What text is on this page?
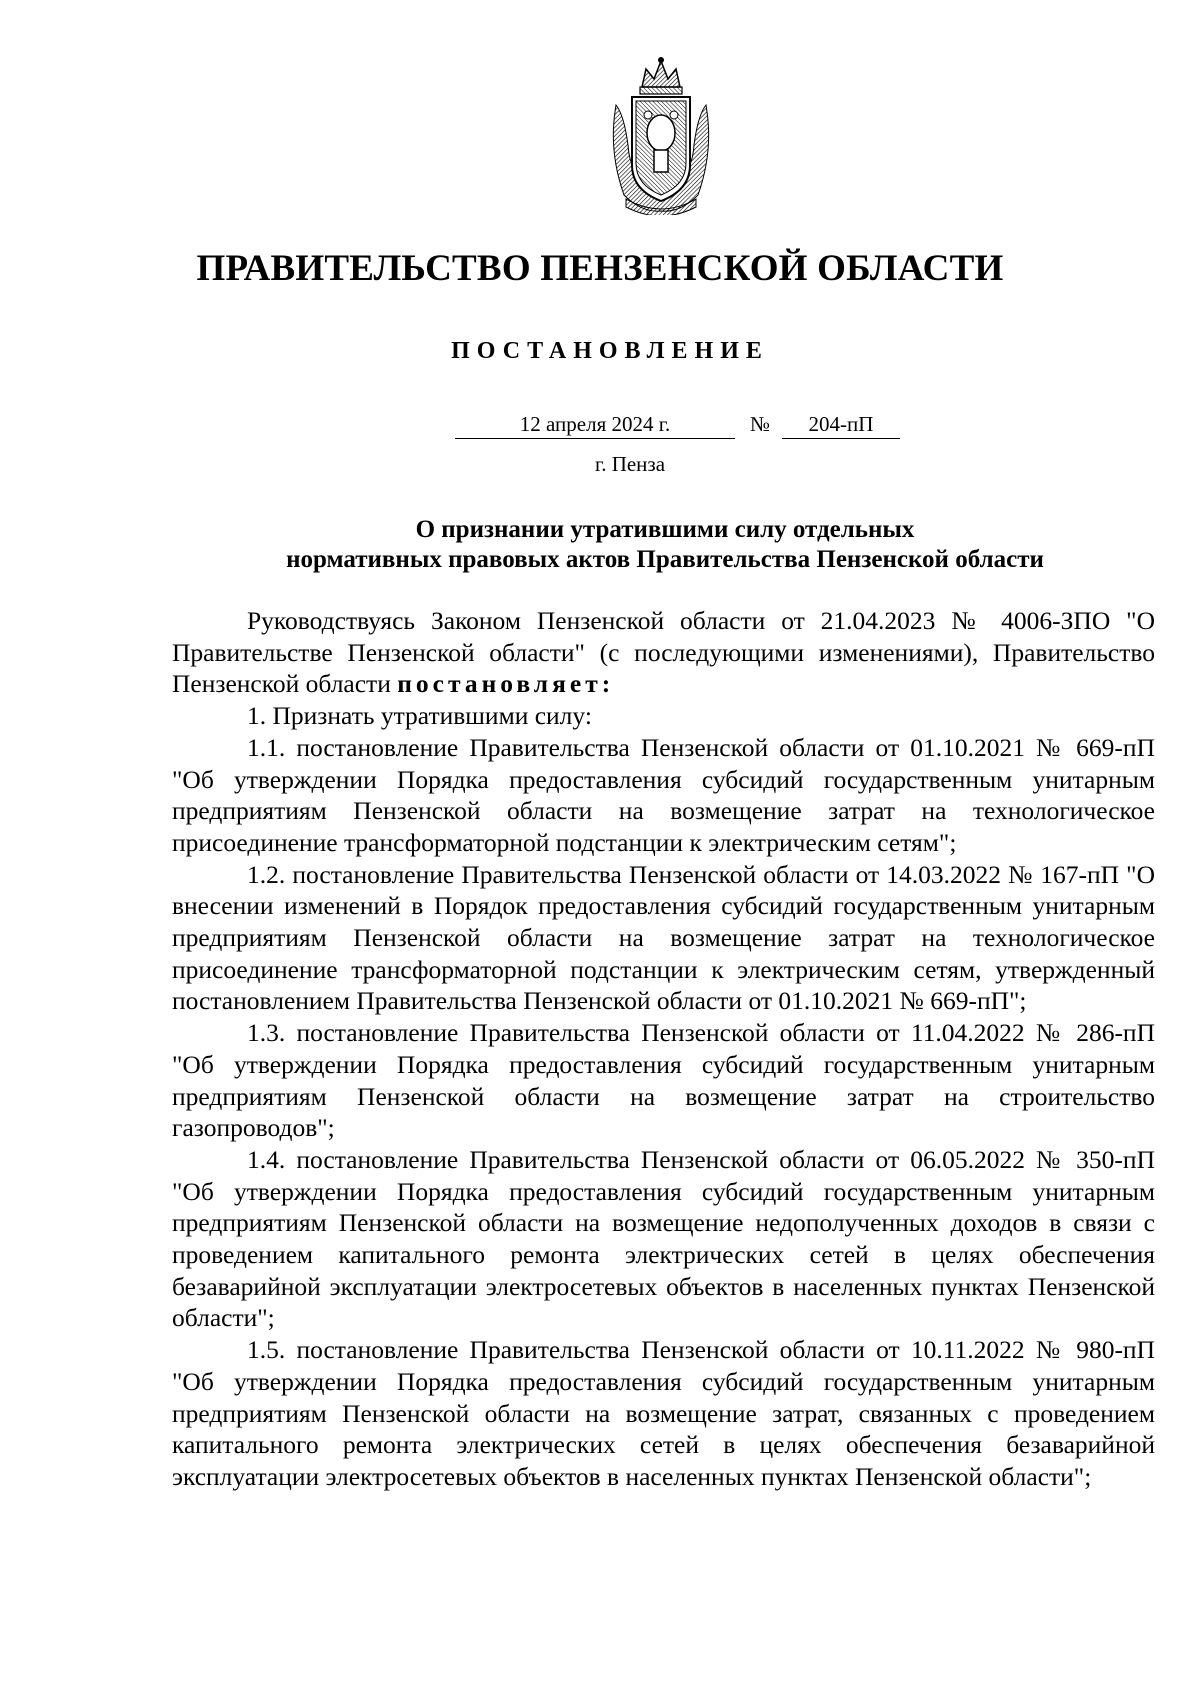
ПРАВИТЕЛЬСТВО ПЕНЗЕНСКОЙ ОБЛАСТИ
ПОСТАНОВЛЕНИЕ
12 апреля 2024 г.	№	204-пП
г. Пенза
О признании утратившими силу отдельных
нормативных правовых актов Правительства Пензенской области

Руководствуясь Законом Пензенской области от 21.04.2023 № 4006-ЗПО "О Правительстве Пензенской области" (с последующими изменениями), Правительство Пензенской области постановляет:

1. Признать утратившими силу:

1.1. постановление Правительства Пензенской области от 01.10.2021 № 669-пП "Об утверждении Порядка предоставления субсидий государственным унитарным предприятиям Пензенской области на возмещение затрат на технологическое присоединение трансформаторной подстанции к электрическим сетям";

1.2. постановление Правительства Пензенской области от 14.03.2022 № 167-пП "О внесении изменений в Порядок предоставления субсидий государственным унитарным предприятиям Пензенской области на возмещение затрат на технологическое присоединение трансформаторной подстанции к электрическим сетям, утвержденный постановлением Правительства Пензенской области от 01.10.2021 № 669-пП";

1.3. постановление Правительства Пензенской области от 11.04.2022 № 286-пП "Об утверждении Порядка предоставления субсидий государственным унитарным предприятиям Пензенской области на возмещение затрат на строительство газопроводов";

1.4. постановление Правительства Пензенской области от 06.05.2022 № 350-пП "Об утверждении Порядка предоставления субсидий государственным унитарным предприятиям Пензенской области на возмещение недополученных доходов в связи с проведением капитального ремонта электрических сетей в целях обеспечения безаварийной эксплуатации электросетевых объектов в населенных пунктах Пензенской области";

1.5. постановление Правительства Пензенской области от 10.11.2022 № 980-пП "Об утверждении Порядка предоставления субсидий государственным унитарным предприятиям Пензенской области на возмещение затрат, связанных с проведением капитального ремонта электрических сетей в целях обеспечения безаварийной эксплуатации электросетевых объектов в населенных пунктах Пензенской области";
